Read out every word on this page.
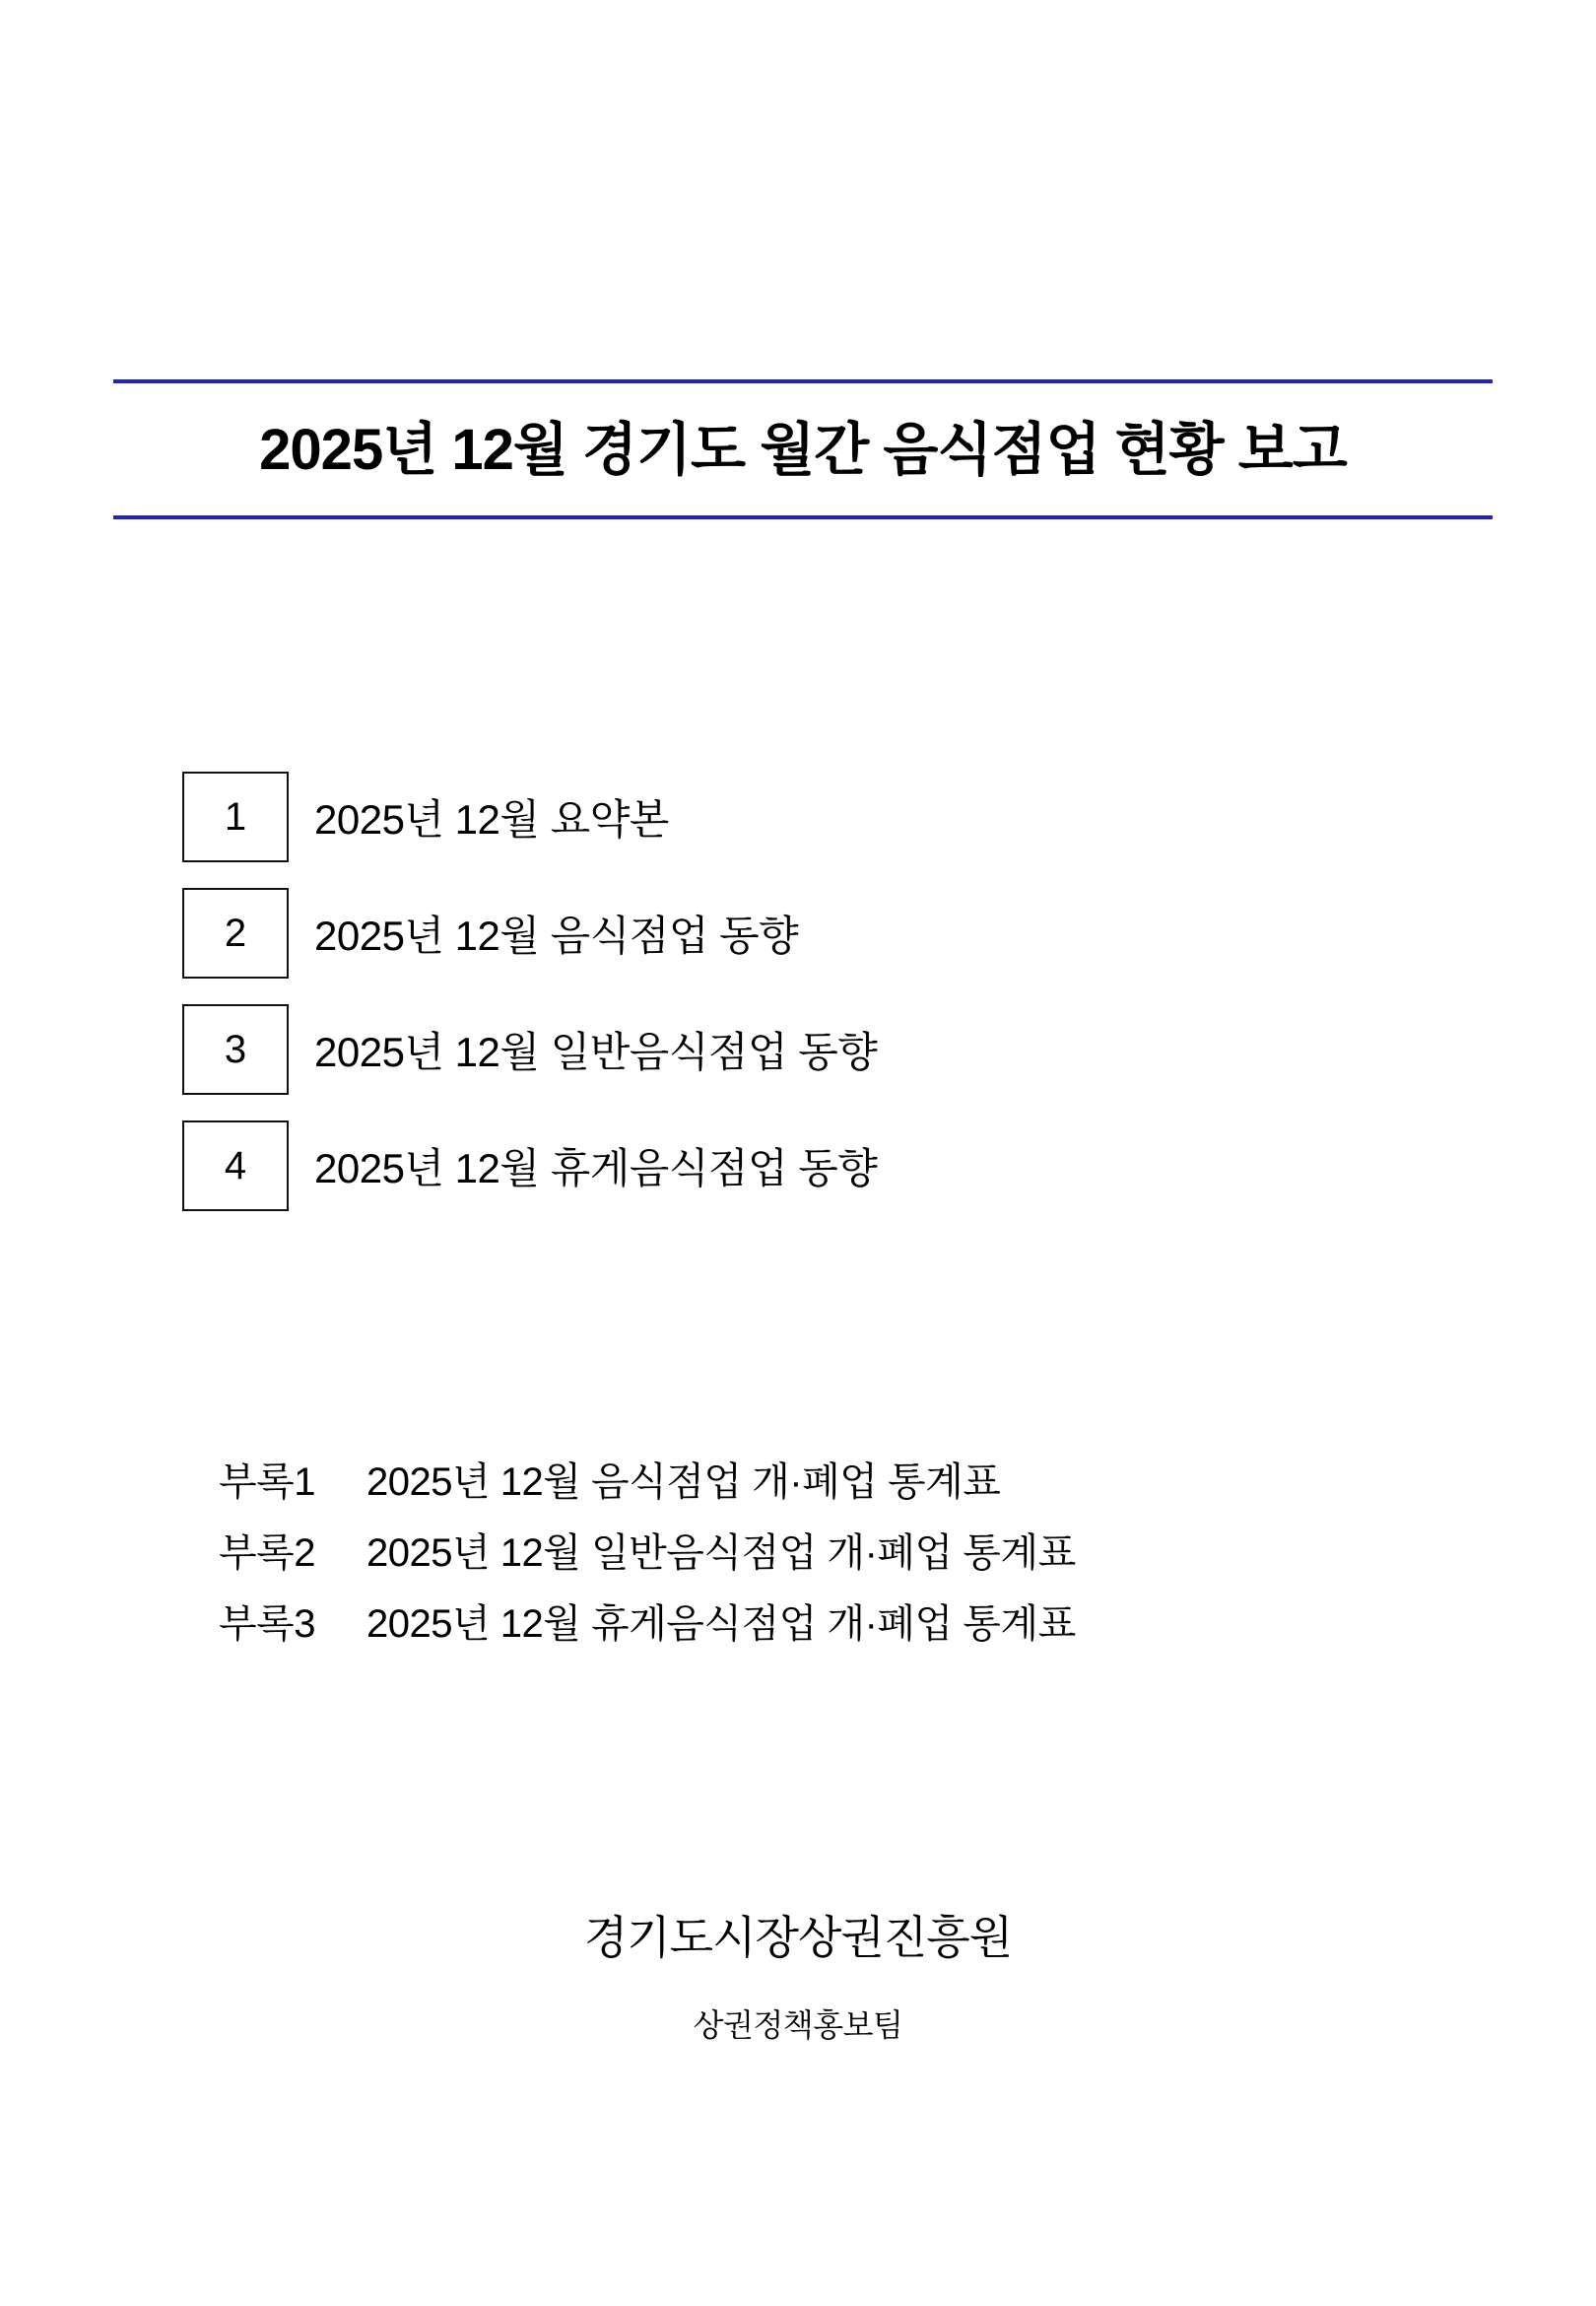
2025년 12월 경기도 월간 음식점업 현황 보고
1	2025년 12월 요약본
2	2025년 12월 음식점업 동향
3	2025년 12월 일반음식점업 동향
4	2025년 12월 휴게음식점업 동향
부록1	2025년 12월 음식점업 개·폐업 통계표
부록2	2025년 12월 일반음식점업 개·폐업 통계표
부록3	2025년 12월 휴게음식점업 개·폐업 통계표
경기도시장상권진흥원
상권정책홍보팀
